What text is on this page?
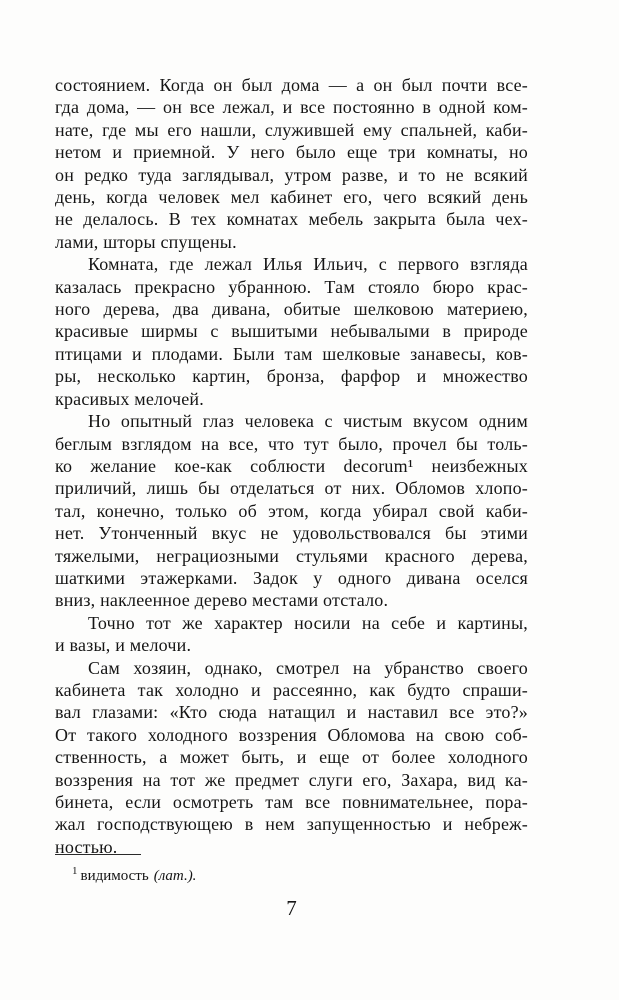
состоянием. Когда он был дома — а он был почти все-
гда дома, — он все лежал, и все постоянно в одной ком-
нате, где мы его нашли, служившей ему спальней, каби-
нетом и приемной. У него было еще три комнаты, но
он редко туда заглядывал, утром разве, и то не всякий
день, когда человек мел кабинет его, чего всякий день
не делалось. В тех комнатах мебель закрыта была чех-
лами, шторы спущены.
Комната, где лежал Илья Ильич, с первого взгляда
казалась прекрасно убранною. Там стояло бюро крас-
ного дерева, два дивана, обитые шелковою материею,
красивые ширмы с вышитыми небывалыми в природе
птицами и плодами. Были там шелковые занавесы, ков-
ры, несколько картин, бронза, фарфор и множество
красивых мелочей.
Но опытный глаз человека с чистым вкусом одним
беглым взглядом на все, что тут было, прочел бы толь-
ко желание кое-как соблюсти decorum¹ неизбежных
приличий, лишь бы отделаться от них. Обломов хлопо-
тал, конечно, только об этом, когда убирал свой каби-
нет. Утонченный вкус не удовольствовался бы этими
тяжелыми, неграциозными стульями красного дерева,
шаткими этажерками. Задок у одного дивана оселся
вниз, наклеенное дерево местами отстало.
Точно тот же характер носили на себе и картины,
и вазы, и мелочи.
Сам хозяин, однако, смотрел на убранство своего
кабинета так холодно и рассеянно, как будто спраши-
вал глазами: «Кто сюда натащил и наставил все это?»
От такого холодного воззрения Обломова на свою соб-
ственность, а может быть, и еще от более холодного
воззрения на тот же предмет слуги его, Захара, вид ка-
бинета, если осмотреть там все повнимательнее, пора-
жал господствующею в нем запущенностью и небреж-
ностью.
$^1$ видимость (лат.).
7
